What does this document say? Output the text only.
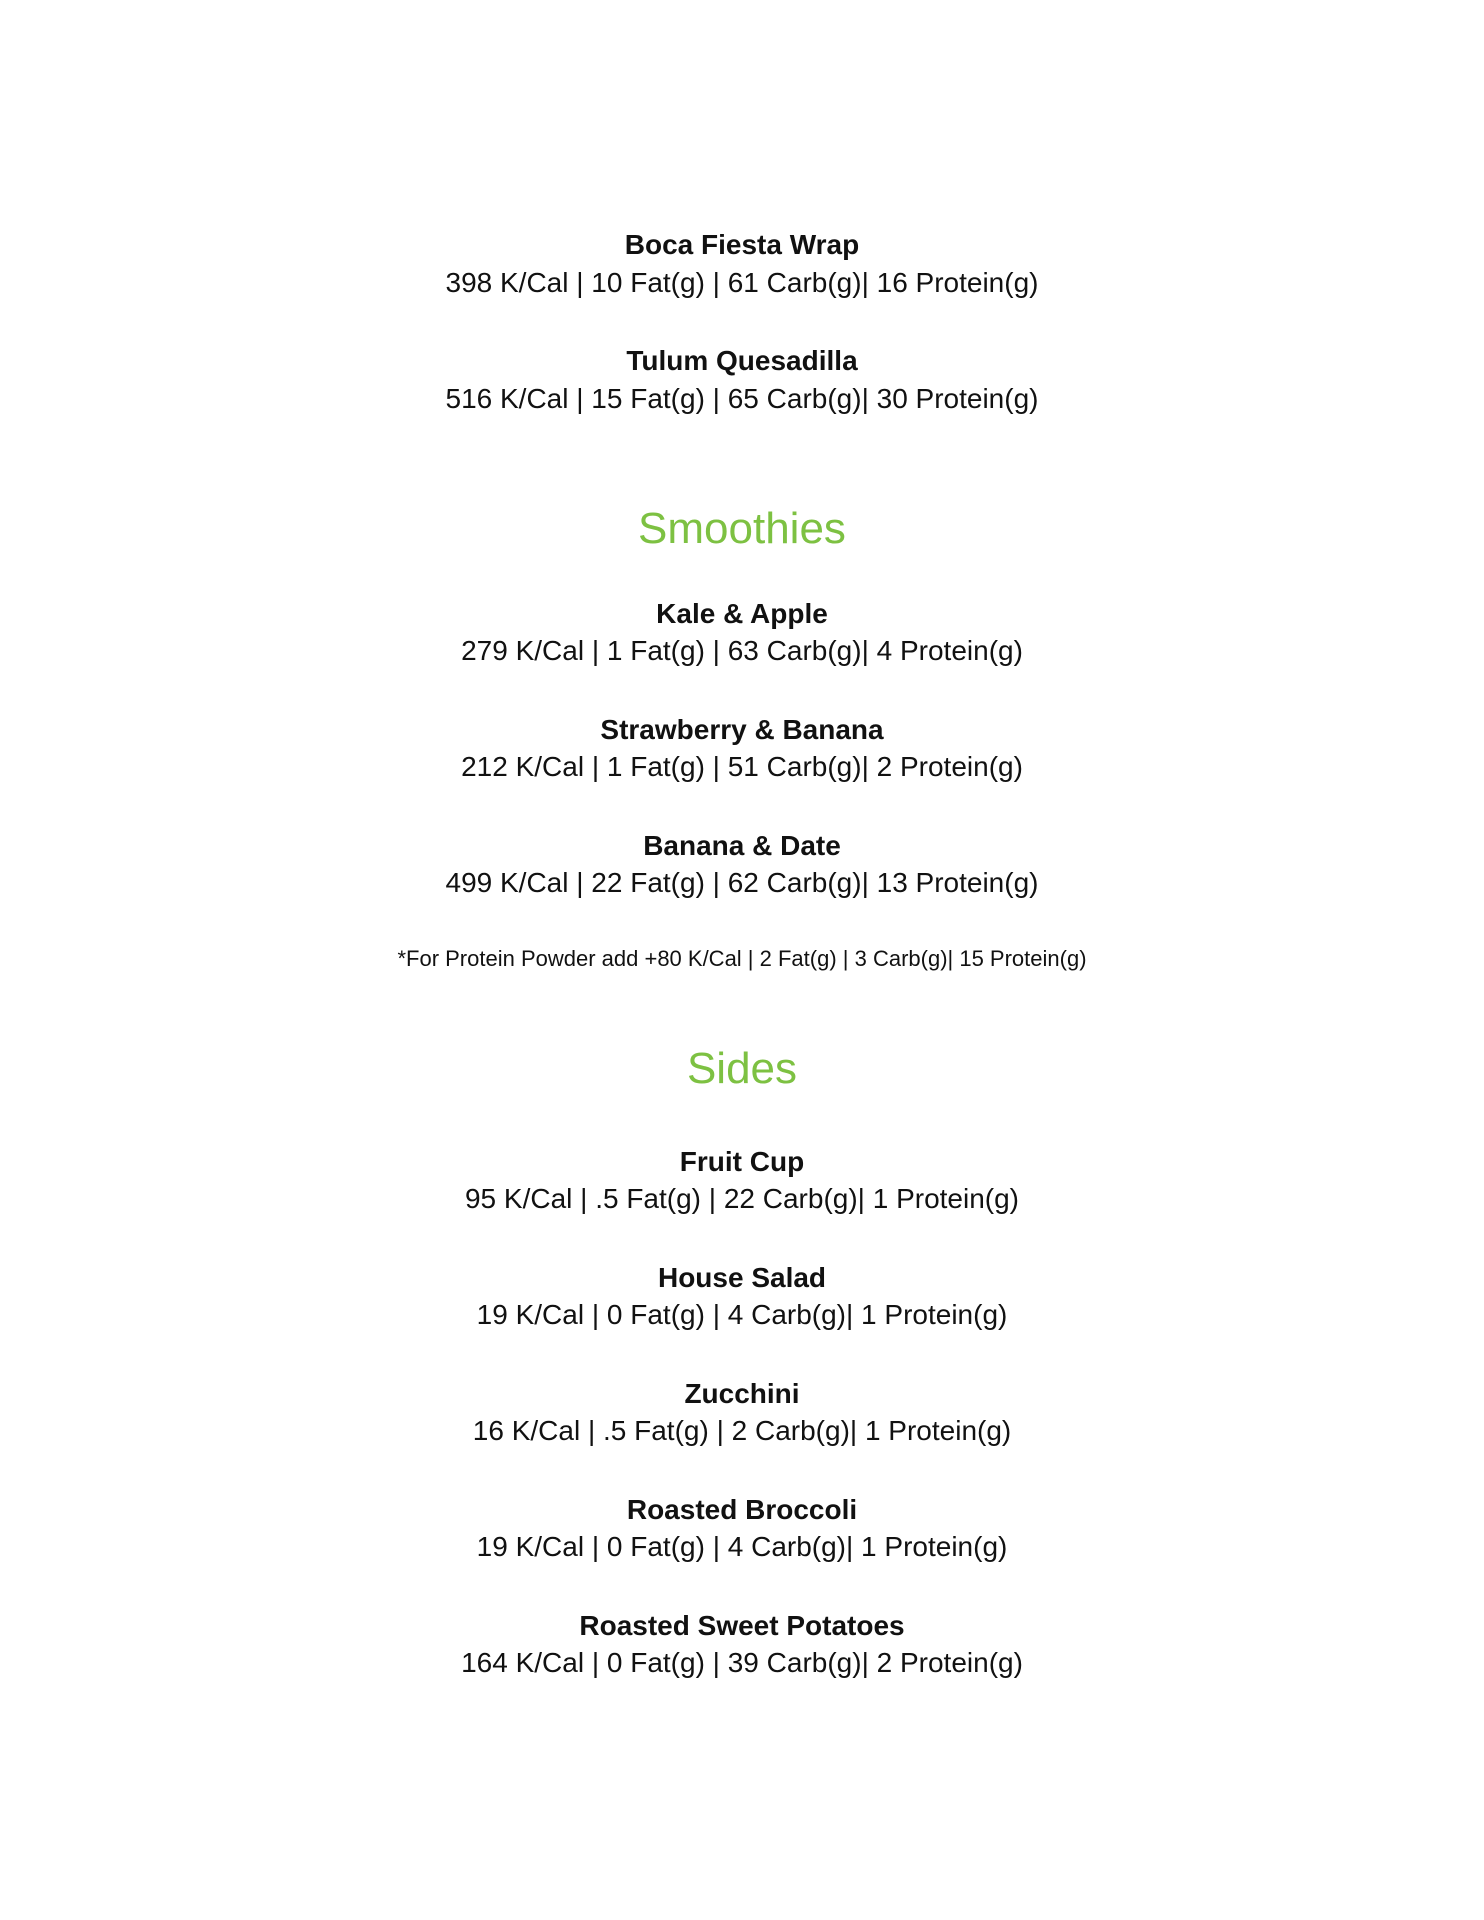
Boca Fiesta Wrap
398 K/Cal | 10 Fat(g) | 61 Carb(g)| 16 Protein(g)
Tulum Quesadilla
516 K/Cal | 15 Fat(g) | 65 Carb(g)| 30 Protein(g)
Smoothies
Kale & Apple
279 K/Cal | 1 Fat(g) | 63 Carb(g)| 4 Protein(g)
Strawberry & Banana
212 K/Cal | 1 Fat(g) | 51 Carb(g)| 2 Protein(g)
Banana & Date
499 K/Cal | 22 Fat(g) | 62 Carb(g)| 13 Protein(g)
*For Protein Powder add +80 K/Cal | 2 Fat(g) | 3 Carb(g)| 15 Protein(g)
Sides
Fruit Cup
95 K/Cal | .5 Fat(g) | 22 Carb(g)| 1 Protein(g)
House Salad
19 K/Cal | 0 Fat(g) | 4 Carb(g)| 1 Protein(g)
Zucchini
16 K/Cal | .5 Fat(g) | 2 Carb(g)| 1 Protein(g)
Roasted Broccoli
19 K/Cal | 0 Fat(g) | 4 Carb(g)| 1 Protein(g)
Roasted Sweet Potatoes
164 K/Cal | 0 Fat(g) | 39 Carb(g)| 2 Protein(g)
